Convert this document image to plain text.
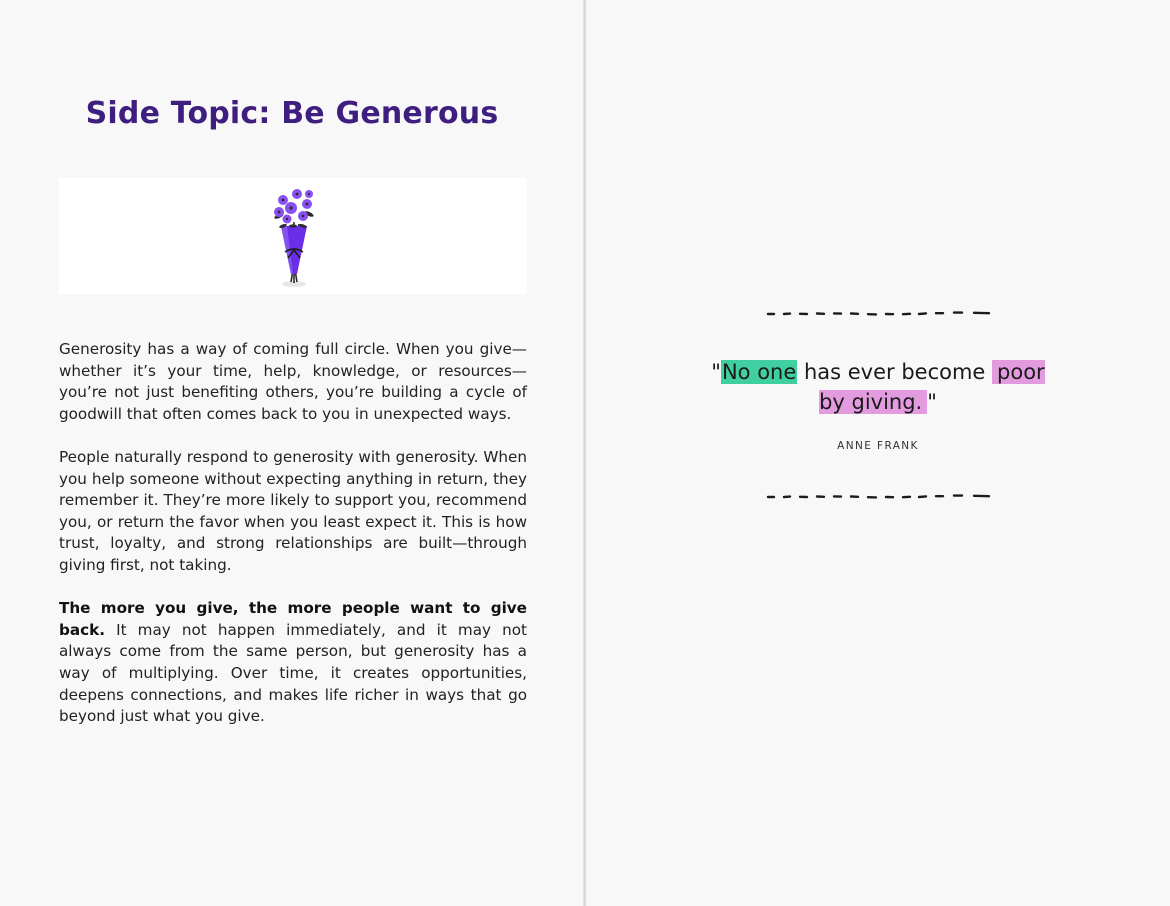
Side Topic: Be Generous

Generosity has a way of coming full circle. When you give—whether it’s your time, help, knowledge, or resources—you’re not just benefiting others, you’re building a cycle of goodwill that often comes back to you in unexpected ways.

People naturally respond to generosity with generosity. When you help someone without expecting anything in return, they remember it. They’re more likely to support you, recommend you, or return the favor when you least expect it. This is how trust, loyalty, and strong relationships are built—through giving first, not taking.

The more you give, the more people want to give back. It may not happen immediately, and it may not always come from the same person, but generosity has a way of multiplying. Over time, it creates opportunities, deepens connections, and makes life richer in ways that go beyond just what you give.

"No one has ever become poor by giving. "
ANNE FRANK
